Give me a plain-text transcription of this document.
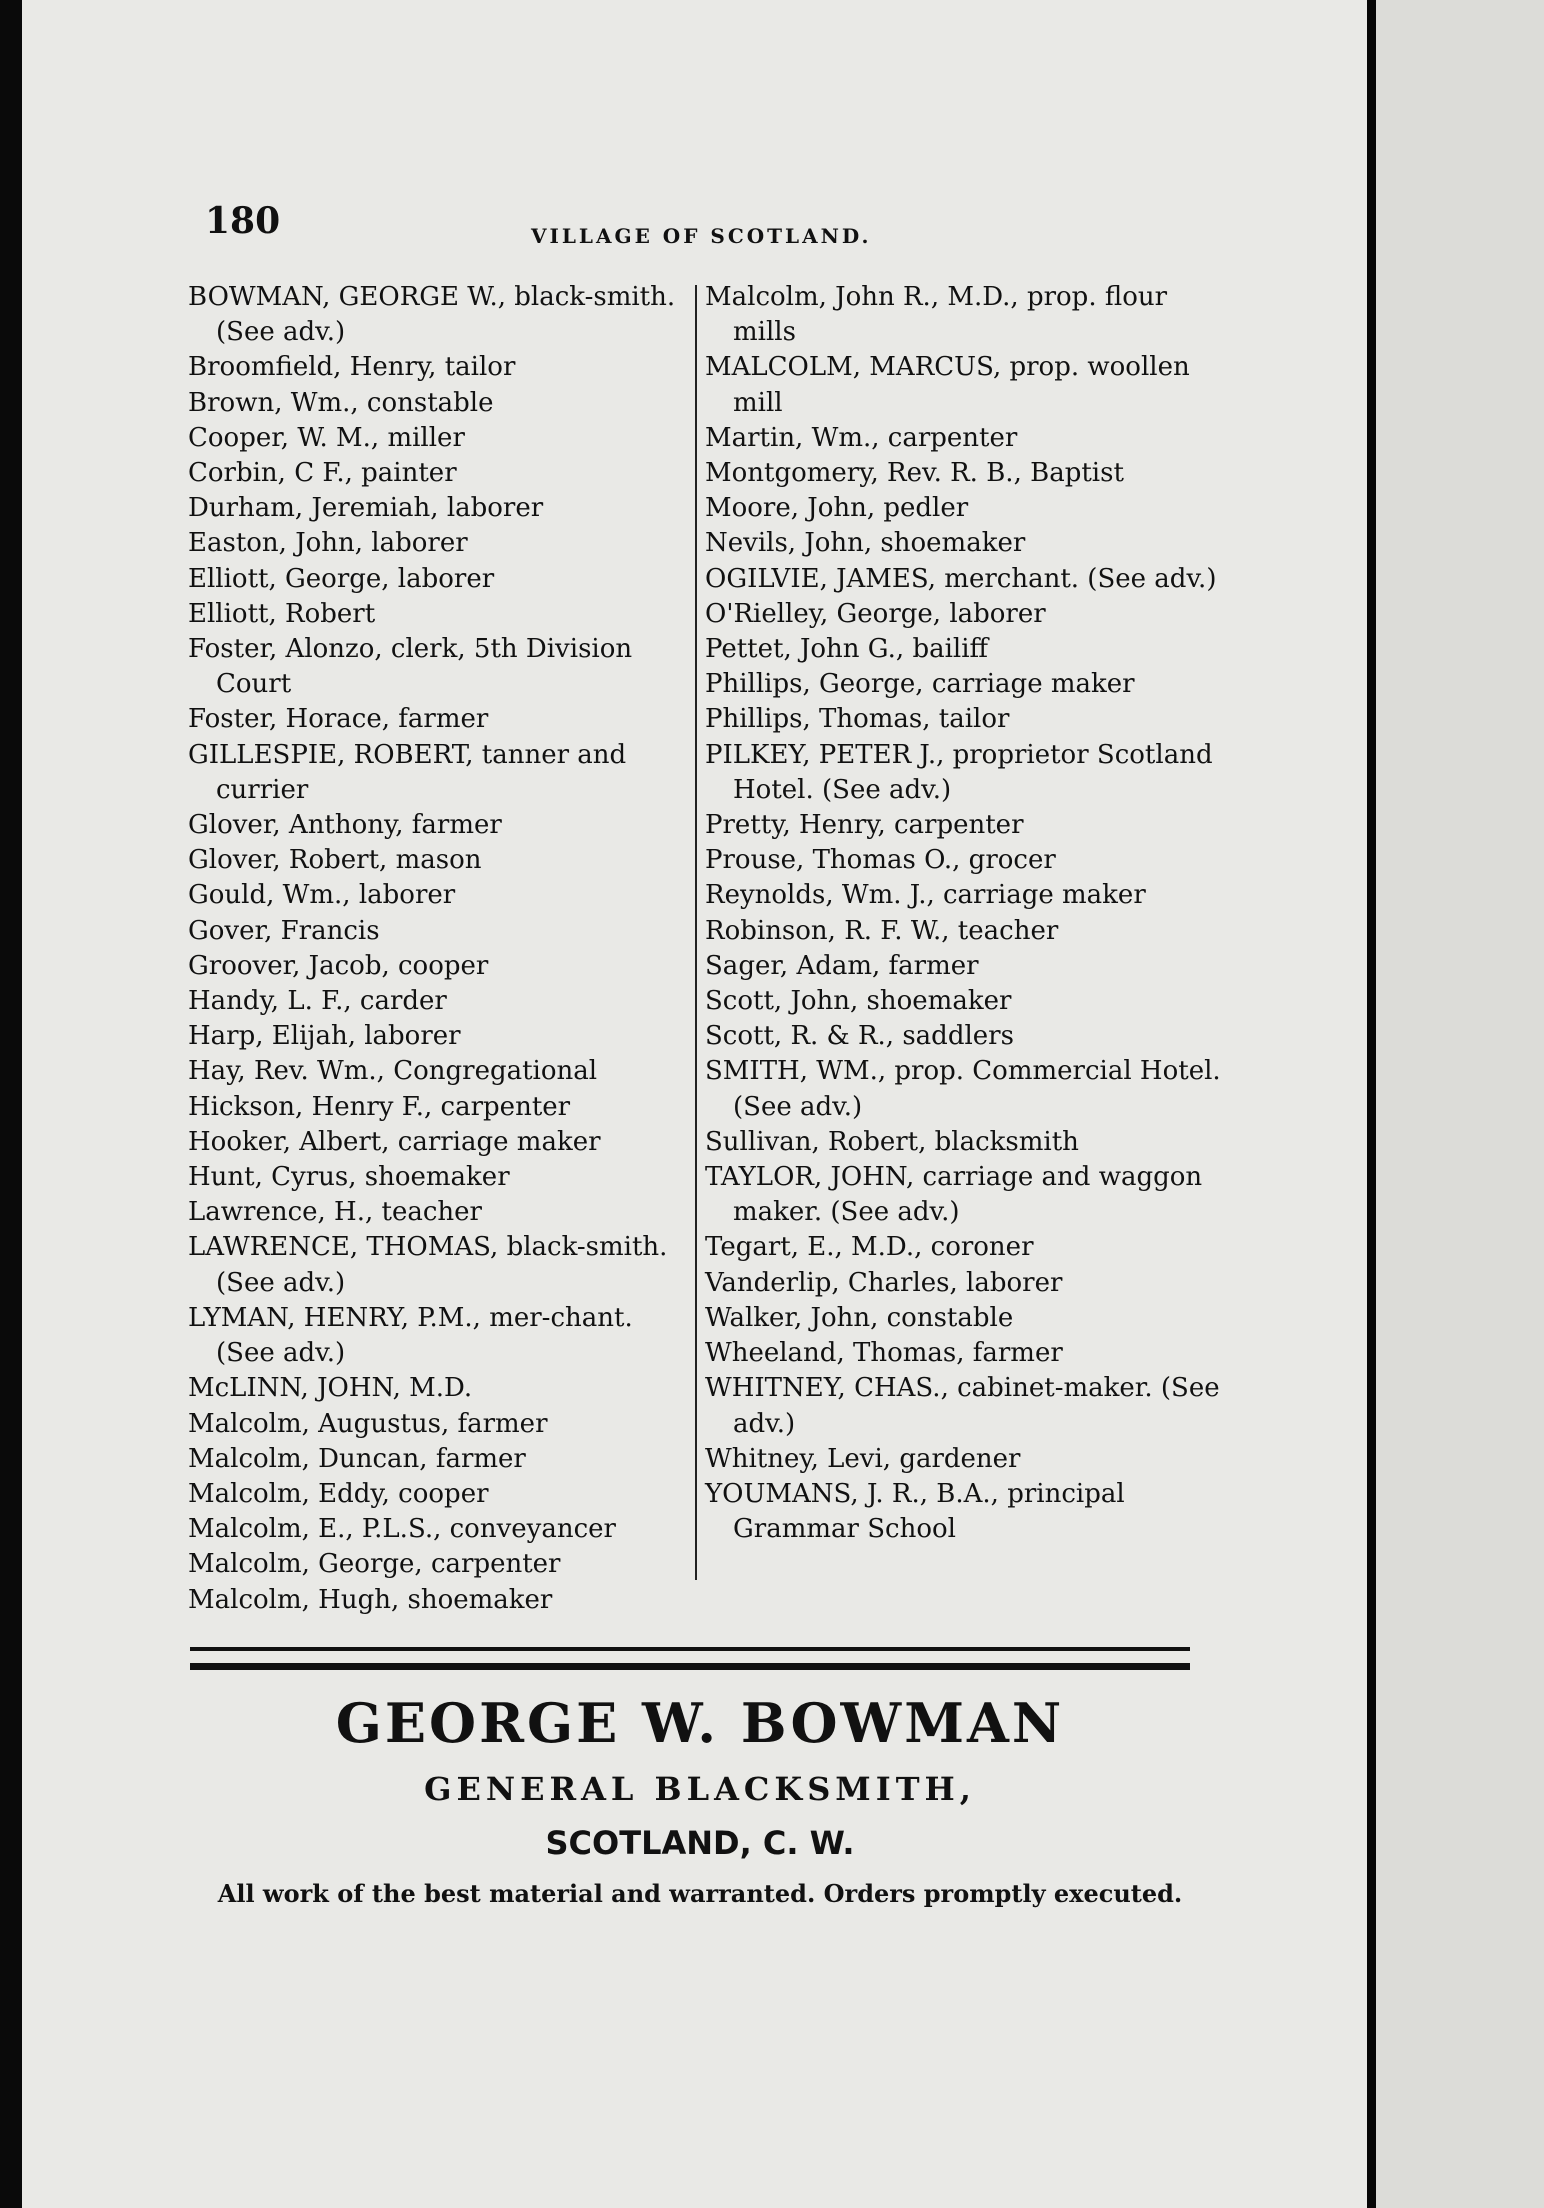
180	VILLAGE OF SCOTLAND.

BOWMAN, GEORGE W., black-smith. (See adv.)

Broomfield, Henry, tailor

Brown, Wm., constable

Cooper, W. M., miller

Corbin, C F., painter

Durham, Jeremiah, laborer

Easton, John, laborer

Elliott, George, laborer

Elliott, Robert

Foster, Alonzo, clerk, 5th Division Court

Foster, Horace, farmer

GILLESPIE, ROBERT, tanner and currier

Glover, Anthony, farmer

Glover, Robert, mason

Gould, Wm., laborer

Gover, Francis

Groover, Jacob, cooper

Handy, L. F., carder

Harp, Elijah, laborer

Hay, Rev. Wm., Congregational

Hickson, Henry F., carpenter

Hooker, Albert, carriage maker

Hunt, Cyrus, shoemaker

Lawrence, H., teacher

LAWRENCE, THOMAS, black-smith. (See adv.)

LYMAN, HENRY, P.M., mer-chant. (See adv.)

McLINN, JOHN, M.D.

Malcolm, Augustus, farmer

Malcolm, Duncan, farmer

Malcolm, Eddy, cooper

Malcolm, E., P.L.S., conveyancer

Malcolm, George, carpenter

Malcolm, Hugh, shoemaker

Malcolm, John R., M.D., prop. flour mills

MALCOLM, MARCUS, prop. woollen mill

Martin, Wm., carpenter

Montgomery, Rev. R. B., Baptist

Moore, John, pedler

Nevils, John, shoemaker

OGILVIE, JAMES, merchant. (See adv.)

O'Rielley, George, laborer

Pettet, John G., bailiff

Phillips, George, carriage maker

Phillips, Thomas, tailor

PILKEY, PETER J., proprietor Scotland Hotel. (See adv.)

Pretty, Henry, carpenter

Prouse, Thomas O., grocer

Reynolds, Wm. J., carriage maker

Robinson, R. F. W., teacher

Sager, Adam, farmer

Scott, John, shoemaker

Scott, R. & R., saddlers

SMITH, WM., prop. Commercial Hotel. (See adv.)

Sullivan, Robert, blacksmith

TAYLOR, JOHN, carriage and waggon maker. (See adv.)

Tegart, E., M.D., coroner

Vanderlip, Charles, laborer

Walker, John, constable

Wheeland, Thomas, farmer

WHITNEY, CHAS., cabinet-maker. (See adv.)

Whitney, Levi, gardener

YOUMANS, J. R., B.A., principal Grammar School

GEORGE W. BOWMAN
GENERAL BLACKSMITH,
SCOTLAND, C. W.
All work of the best material and warranted. Orders promptly executed.
